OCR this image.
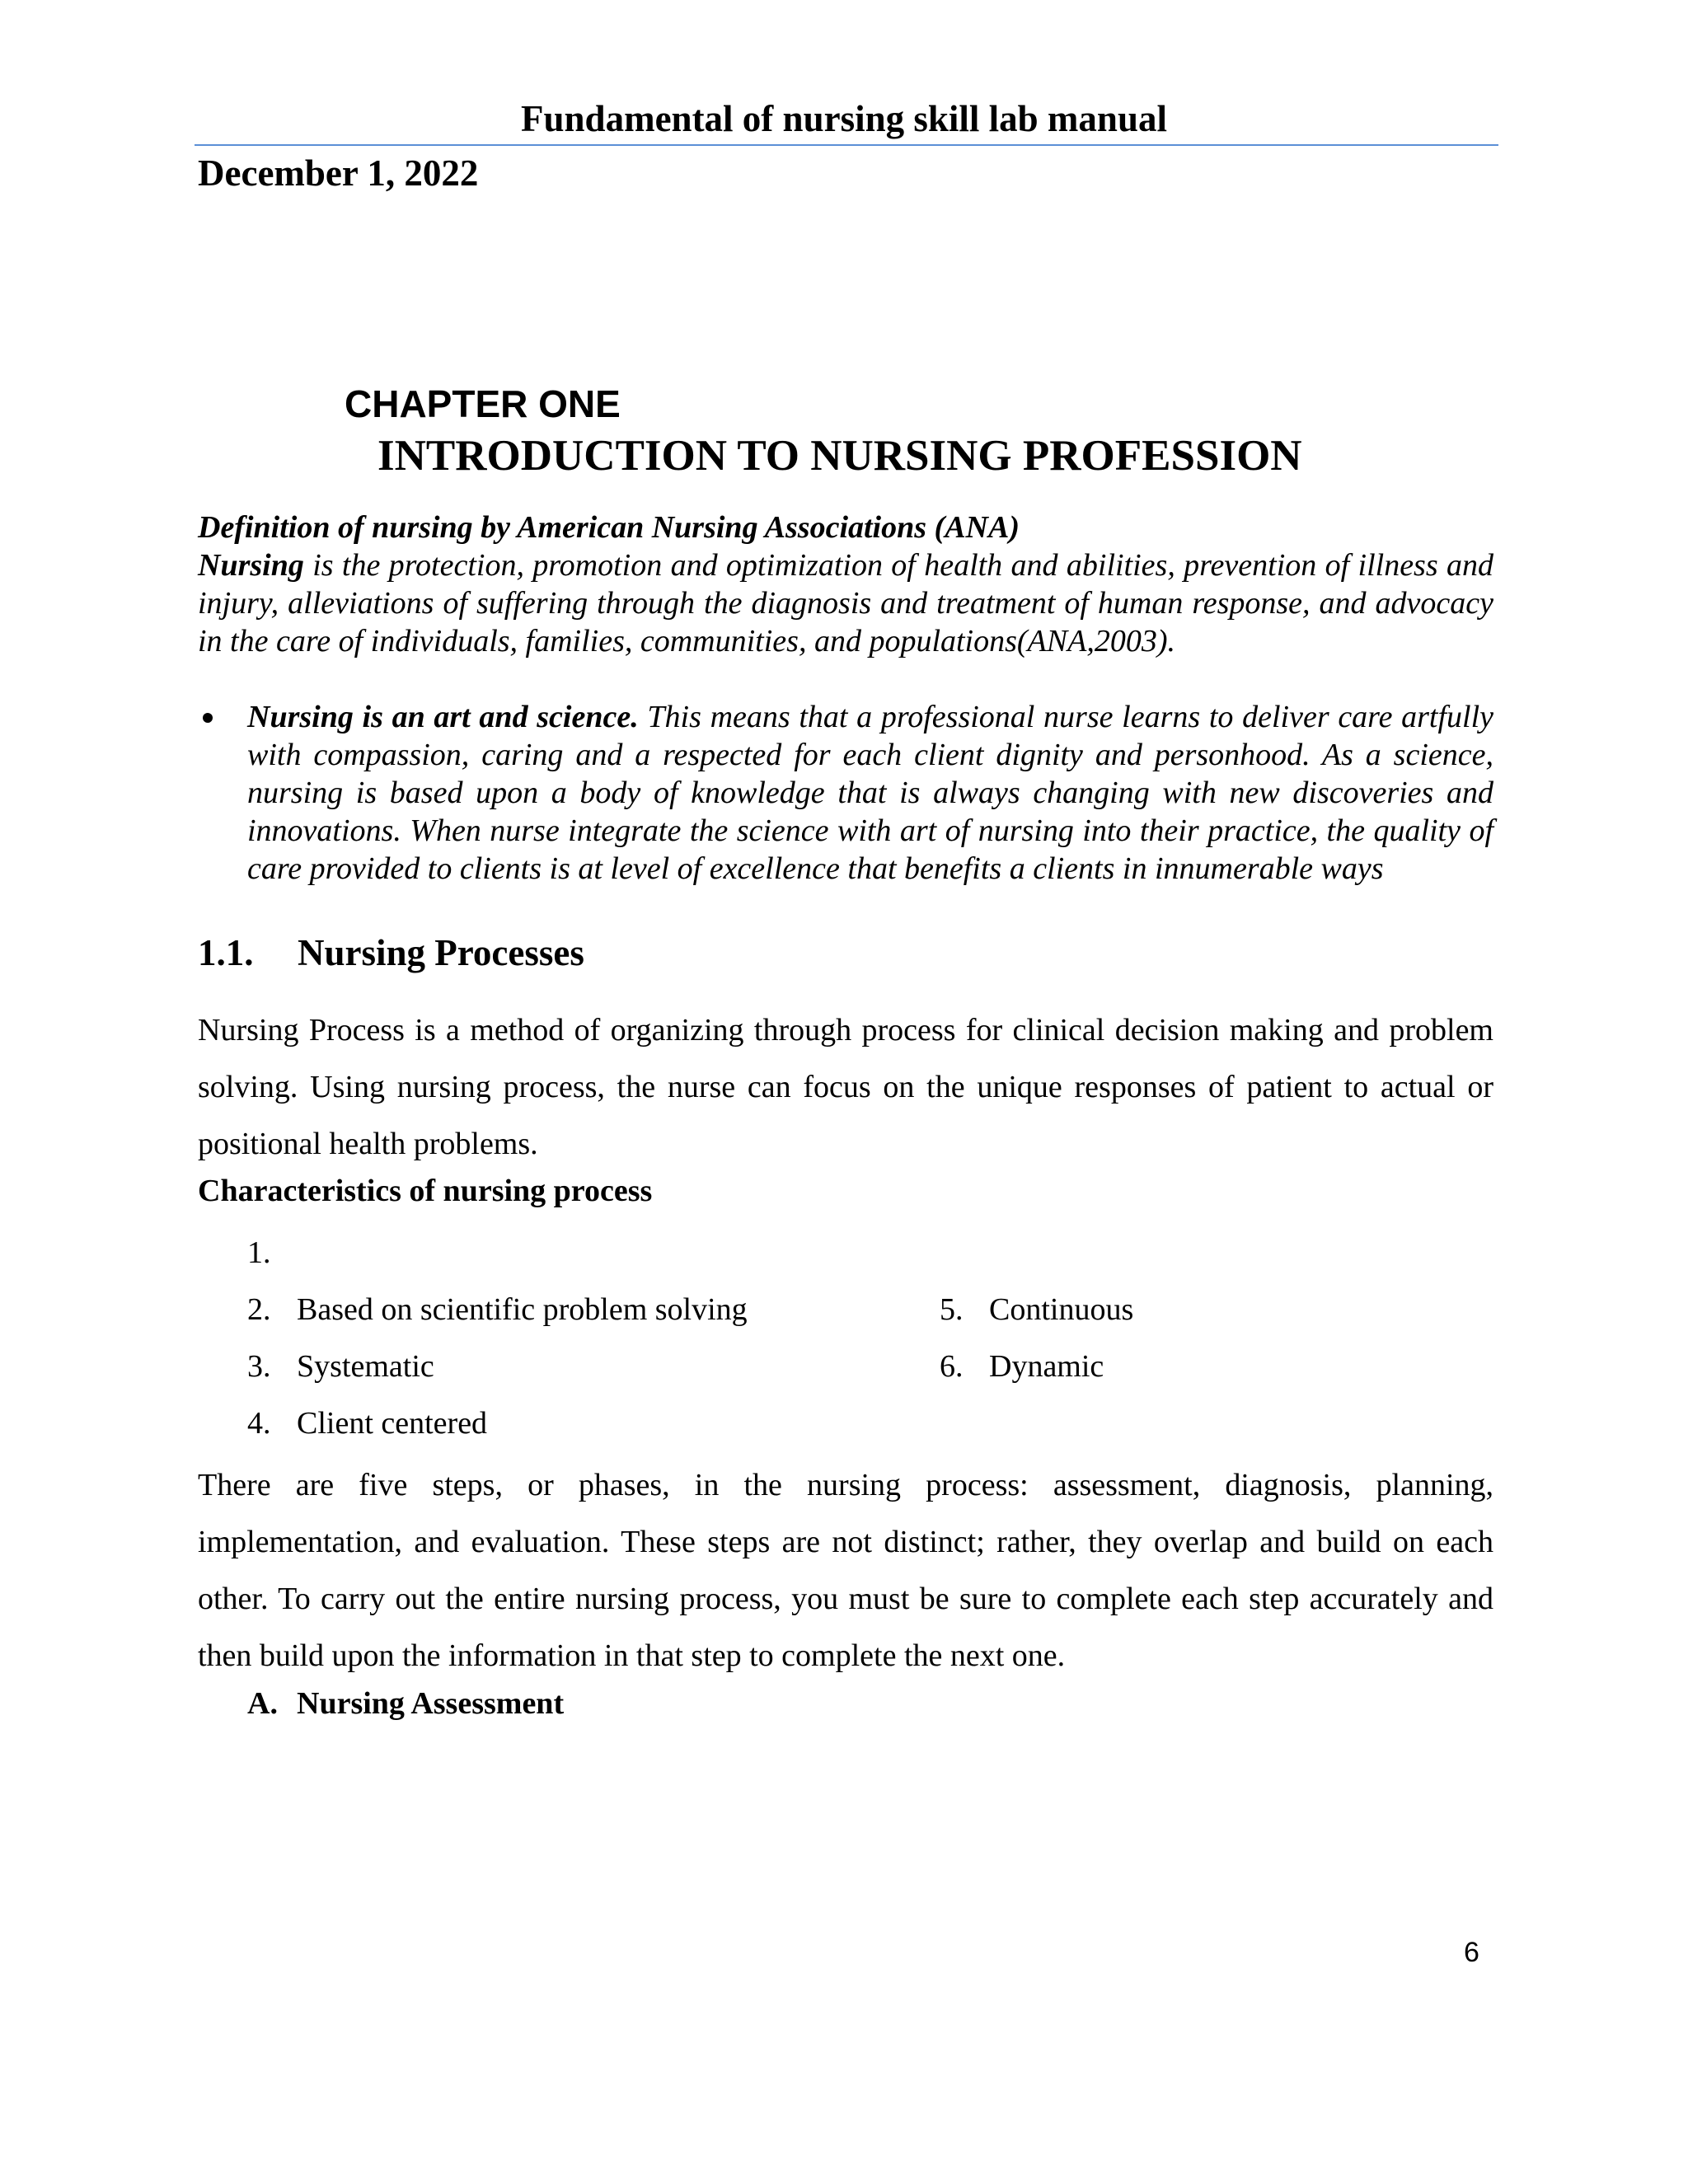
Fundamental of nursing skill lab manual
December 1, 2022
CHAPTER ONE
INTRODUCTION TO NURSING PROFESSION
Definition of nursing by American Nursing Associations (ANA)
Nursing is the protection, promotion and optimization of health and abilities, prevention of illness and injury, alleviations of suffering through the diagnosis and treatment of human response, and advocacy in the care of individuals, families, communities, and populations(ANA,2003).
Nursing is an art and science. This means that a professional nurse learns to deliver care artfully with compassion, caring and a respected for each client dignity and personhood. As a science, nursing is based upon a body of knowledge that is always changing with new discoveries and innovations. When nurse integrate the science with art of nursing into their practice, the quality of care provided to clients is at level of excellence that benefits a clients in innumerable ways
1.1. Nursing Processes
Nursing Process is a method of organizing through process for clinical decision making and problem solving. Using nursing process, the nurse can focus on the unique responses of patient to actual or positional health problems.
Characteristics of nursing process
1.
2. Based on scientific problem solving
3. Systematic
4. Client centered
5. Continuous
6. Dynamic
There are five steps, or phases, in the nursing process: assessment, diagnosis, planning, implementation, and evaluation. These steps are not distinct; rather, they overlap and build on each other. To carry out the entire nursing process, you must be sure to complete each step accurately and then build upon the information in that step to complete the next one.
A. Nursing Assessment
6
